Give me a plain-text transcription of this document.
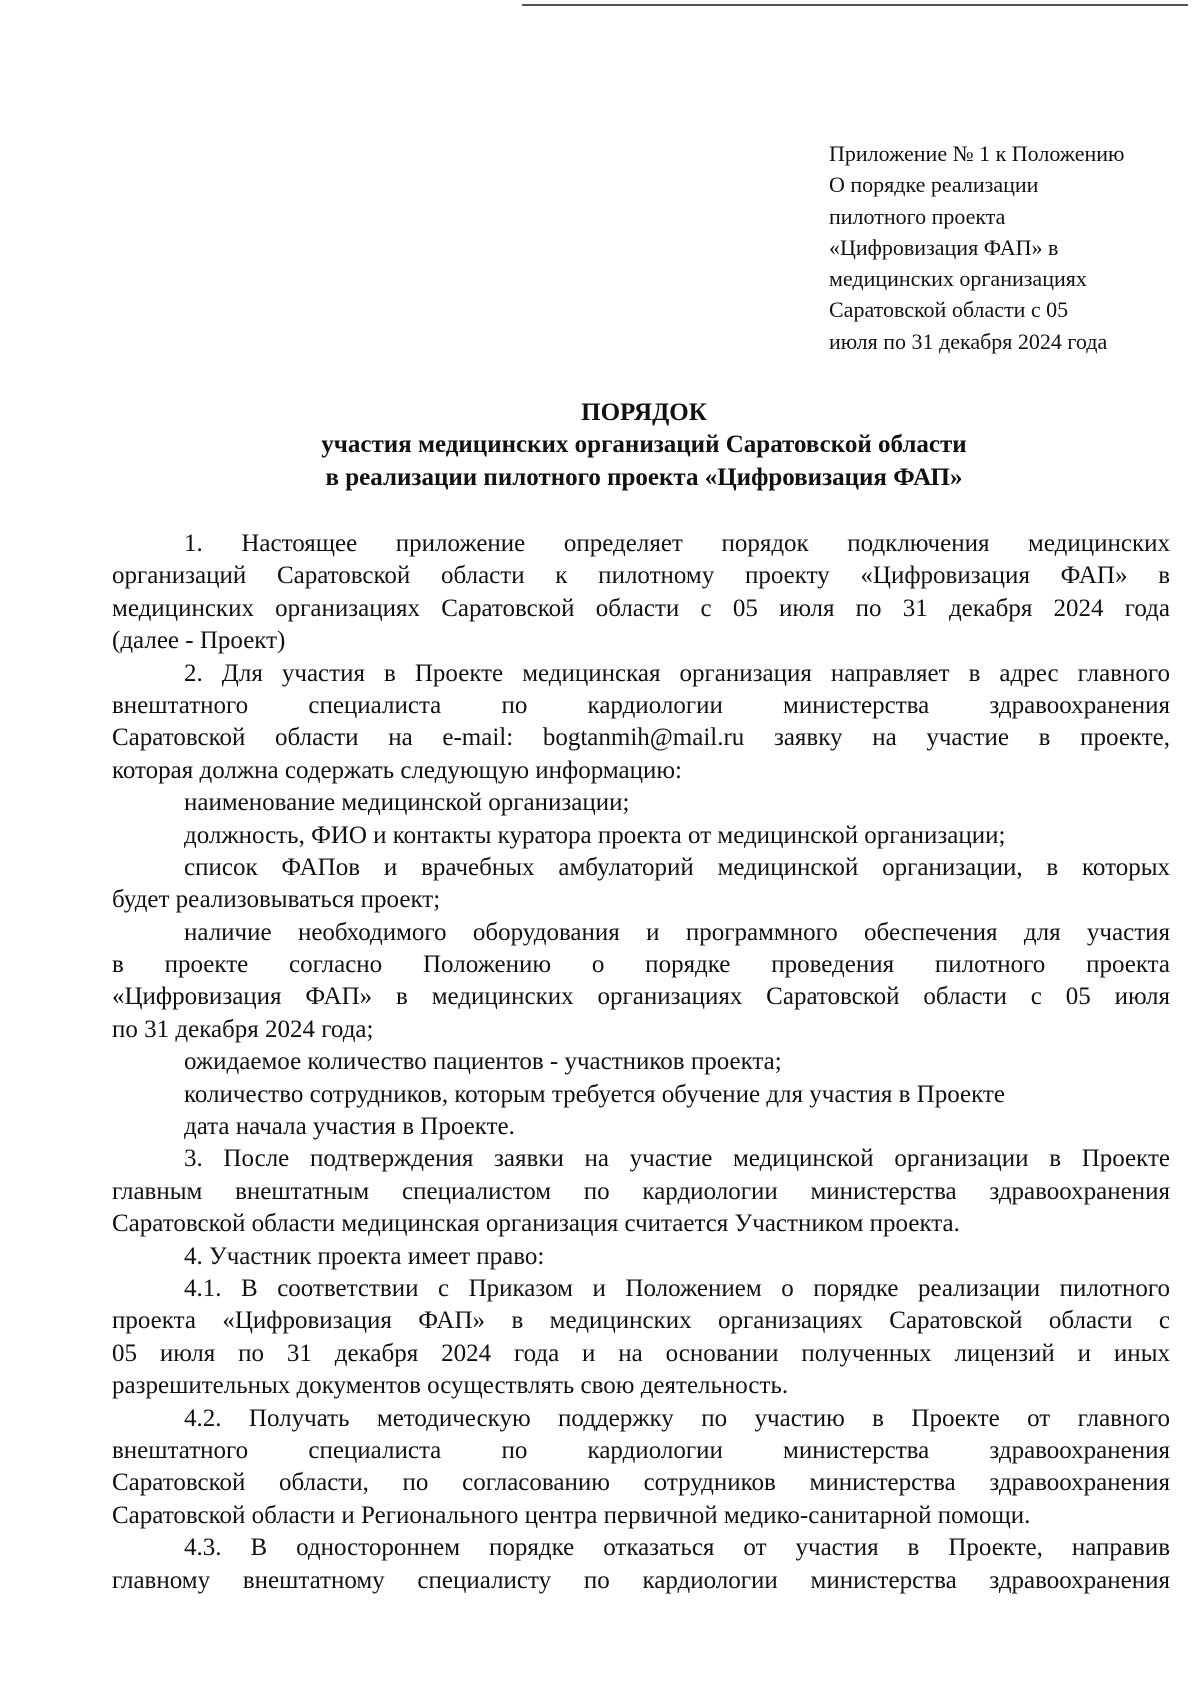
Приложение № 1 к Положению
О порядке реализации
пилотного проекта
«Цифровизация ФАП» в
медицинских организациях
Саратовской области с 05
июля по 31 декабря 2024 года
ПОРЯДОК
участия медицинских организаций Саратовской области
в реализации пилотного проекта «Цифровизация ФАП»
1. Настоящее приложение определяет порядок подключения медицинских
организаций Саратовской области к пилотному проекту «Цифровизация ФАП» в
медицинских организациях Саратовской области с 05 июля по 31 декабря 2024 года
(далее - Проект)
2. Для участия в Проекте медицинская организация направляет в адрес главного
внештатного специалиста по кардиологии министерства здравоохранения
Саратовской области на e-mail: bogtanmih@mail.ru заявку на участие в проекте,
которая должна содержать следующую информацию:
наименование медицинской организации;
должность, ФИО и контакты куратора проекта от медицинской организации;
список ФАПов и врачебных амбулаторий медицинской организации, в которых
будет реализовываться проект;
наличие необходимого оборудования и программного обеспечения для участия
в проекте согласно Положению о порядке проведения пилотного проекта
«Цифровизация ФАП» в медицинских организациях Саратовской области с 05 июля
по 31 декабря 2024 года;
ожидаемое количество пациентов - участников проекта;
количество сотрудников, которым требуется обучение для участия в Проекте
дата начала участия в Проекте.
3. После подтверждения заявки на участие медицинской организации в Проекте
главным внештатным специалистом по кардиологии министерства здравоохранения
Саратовской области медицинская организация считается Участником проекта.
4. Участник проекта имеет право:
4.1. В соответствии с Приказом и Положением о порядке реализации пилотного
проекта «Цифровизация ФАП» в медицинских организациях Саратовской области с
05 июля по 31 декабря 2024 года и на основании полученных лицензий и иных
разрешительных документов осуществлять свою деятельность.
4.2. Получать методическую поддержку по участию в Проекте от главного
внештатного специалиста по кардиологии министерства здравоохранения
Саратовской области, по согласованию сотрудников министерства здравоохранения
Саратовской области и Регионального центра первичной медико-санитарной помощи.
4.3. В одностороннем порядке отказаться от участия в Проекте, направив
главному внештатному специалисту по кардиологии министерства здравоохранения
